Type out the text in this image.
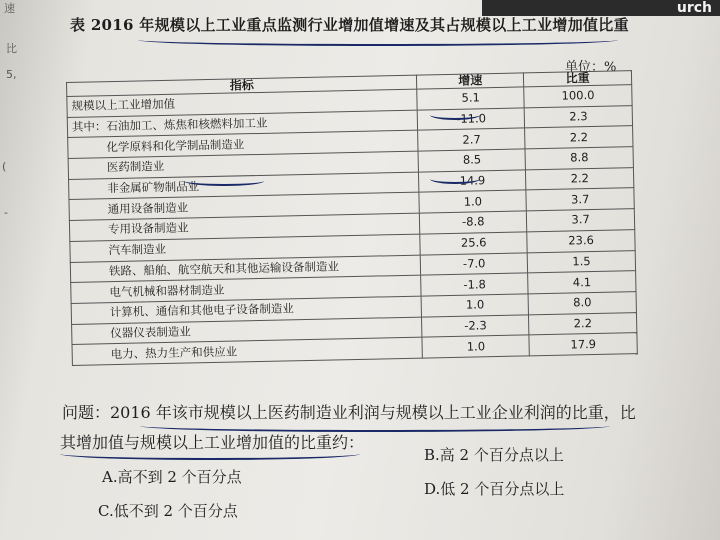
urch
速
比
5,
(
-
表 2016 年规模以上工业重点监测行业增加值增速及其占规模以上工业增加值比重
单位：%
指标	增速	比重
规模以上工业增加值	5.1	100.0
其中：石油加工、炼焦和核燃料加工业	-11.0	2.3
化学原料和化学制品制造业	2.7	2.2
医药制造业	8.5	8.8
非金属矿物制品业	14.9	2.2
通用设备制造业	1.0	3.7
专用设备制造业	-8.8	3.7
汽车制造业	25.6	23.6
铁路、船舶、航空航天和其他运输设备制造业	-7.0	1.5
电气机械和器材制造业	-1.8	4.1
计算机、通信和其他电子设备制造业	1.0	8.0
仪器仪表制造业	-2.3	2.2
电力、热力生产和供应业	1.0	17.9
问题：2016 年该市规模以上医药制造业利润与规模以上工业企业利润的比重，比
其增加值与规模以上工业增加值的比重约：
A.高不到 2 个百分点
B.高 2 个百分点以上
C.低不到 2 个百分点
D.低 2 个百分点以上
